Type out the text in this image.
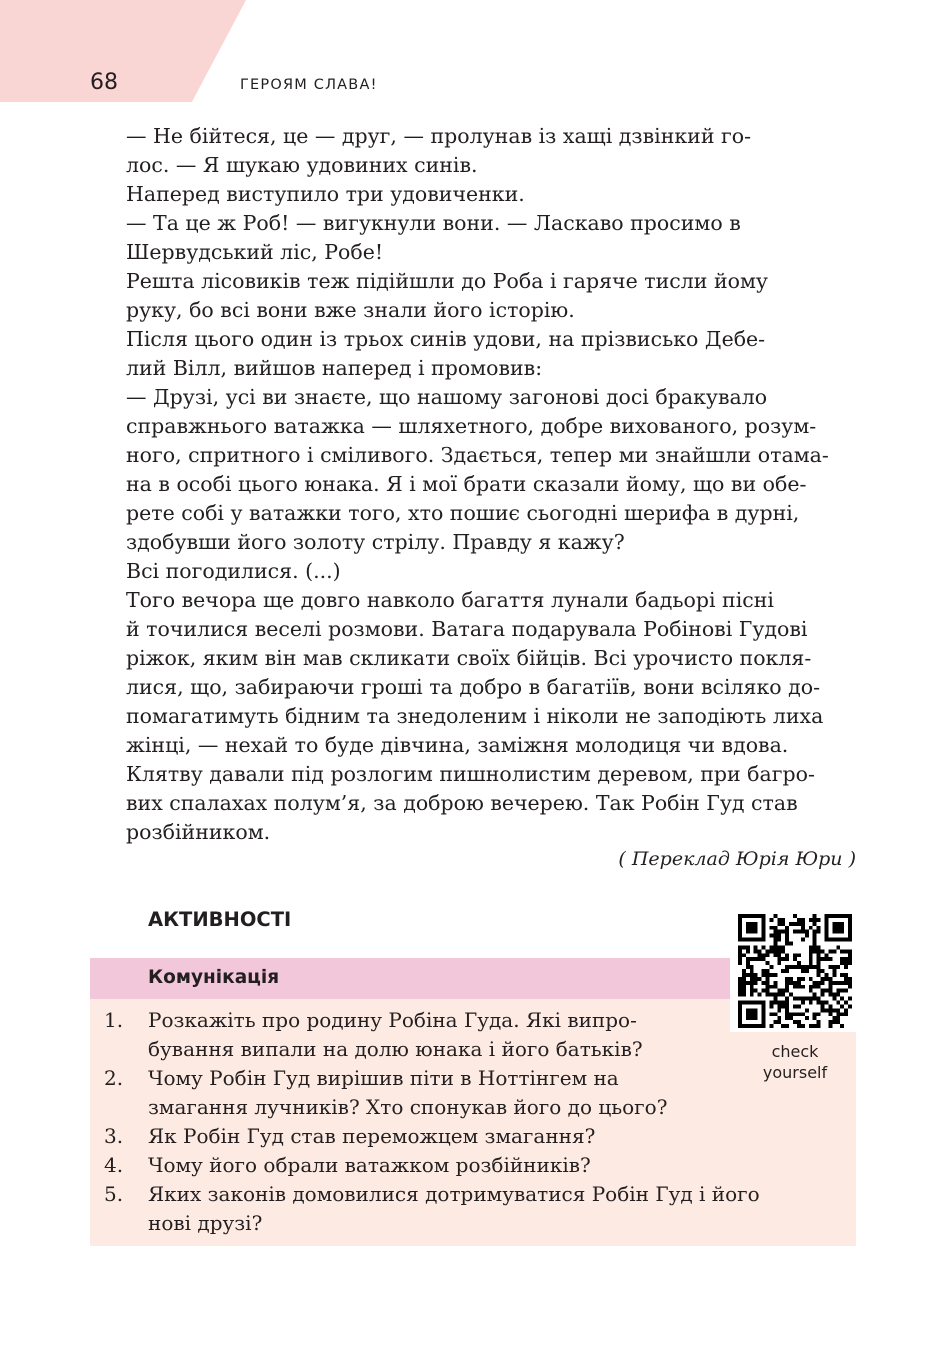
68	ГЕРОЯМ СЛАВА!

— Не бійтеся, це — друг, — пролунав із хащі дзвінкий го-
лос. — Я шукаю удовиних синів.

Наперед виступило три удовиченки.

— Та це ж Роб! — вигукнули вони. — Ласкаво просимо в
Шервудський ліс, Робе!

Решта лісовиків теж підійшли до Роба і гаряче тисли йому
руку, бо всі вони вже знали його історію.

Після цього один із трьох синів удови, на прізвисько Дебе-
лий Вілл, вийшов наперед і промовив:

— Друзі, усі ви знаєте, що нашому загонові досі бракувало
справжнього ватажка — шляхетного, добре вихованого, розум-
ного, спритного і сміливого. Здається, тепер ми знайшли отама-
на в особі цього юнака. Я і мої брати сказали йому, що ви обе-
рете собі у ватажки того, хто пошиє сьогодні шерифа в дурні,
здобувши його золоту стрілу. Правду я кажу?

Всі погодилися. (...)

Того вечора ще довго навколо багаття лунали бадьорі пісні
й точилися веселі розмови. Ватага подарувала Робінові Гудові
ріжок, яким він мав скликати своїх бійців. Всі урочисто покля-
лися, що, забираючи гроші та добро в багатіїв, вони всіляко до-
помагатимуть бідним та знедоленим і ніколи не заподіють лиха
жінці, — нехай то буде дівчина, заміжня молодиця чи вдова.
Клятву давали під розлогим пишнолистим деревом, при багро-
вих спалахах полум’я, за доброю вечерею. Так Робін Гуд став
розбійником.

( Переклад Юрія Юри )
АКТИВНОСТІ
Комунікація
1. Розкажіть про родину Робіна Гуда. Які випро-
бування випали на долю юнака і його батьків?
2. Чому Робін Гуд вирішив піти в Ноттінгем на
змагання лучників? Хто спонукав його до цього?
3. Як Робін Гуд став переможцем змагання?
4. Чому його обрали ватажком розбійників?
5. Яких законів домовилися дотримуватися Робін Гуд і його
нові друзі?
check
yourself
